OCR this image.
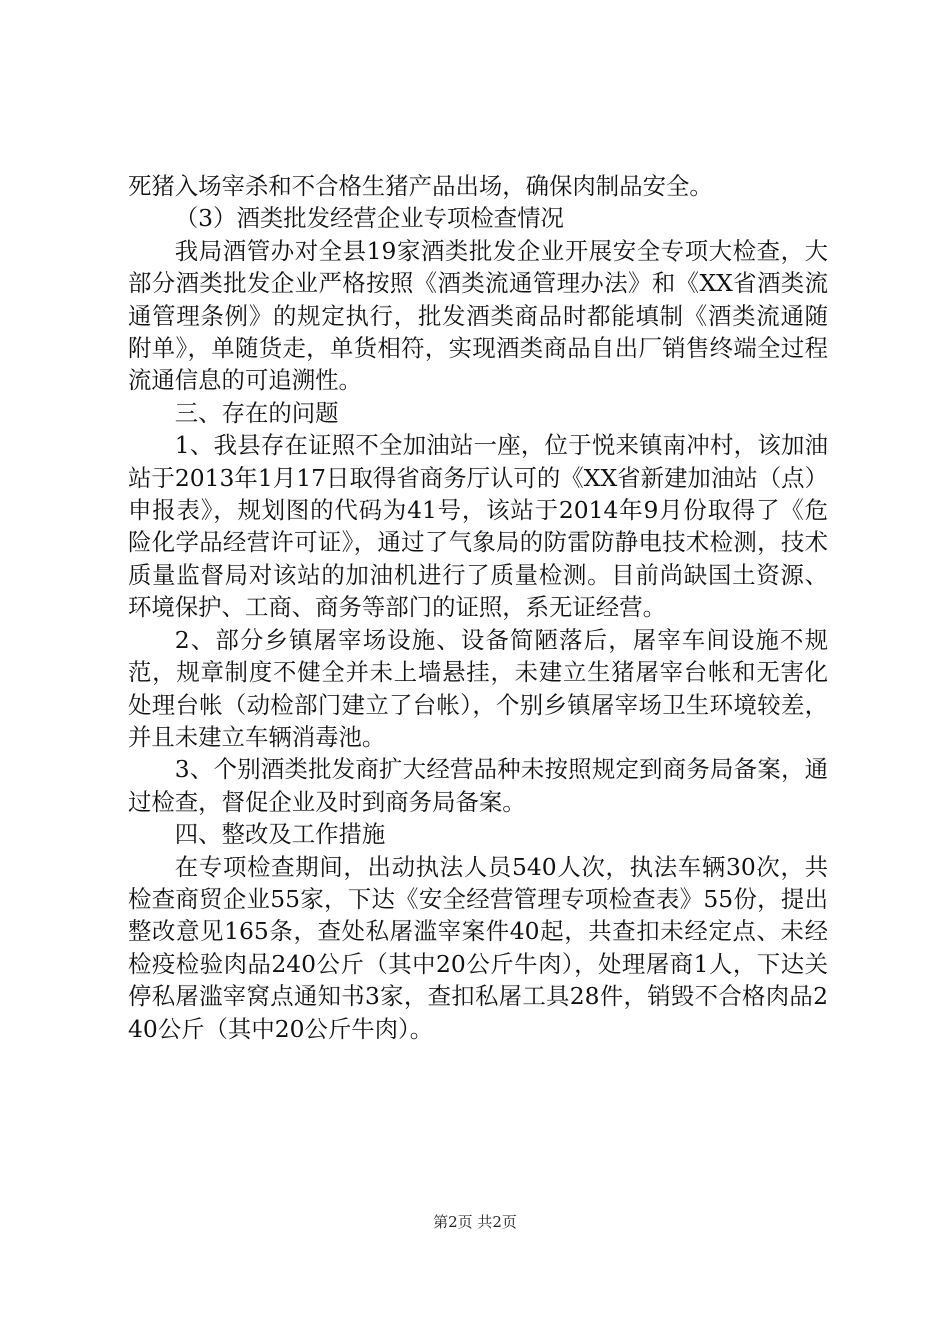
死猪入场宰杀和不合格生猪产品出场，确保肉制品安全。

（3）酒类批发经营企业专项检查情况

我局酒管办对全县19家酒类批发企业开展安全专项大检查，大部分酒类批发企业严格按照《酒类流通管理办法》和《XX省酒类流通管理条例》的规定执行，批发酒类商品时都能填制《酒类流通随附单》，单随货走，单货相符，实现酒类商品自出厂销售终端全过程流通信息的可追溯性。

三、存在的问题

1、我县存在证照不全加油站一座，位于悦来镇南冲村，该加油站于2013年1月17日取得省商务厅认可的《XX省新建加油站（点）申报表》，规划图的代码为41号，该站于2014年9月份取得了《危险化学品经营许可证》，通过了气象局的防雷防静电技术检测，技术质量监督局对该站的加油机进行了质量检测。目前尚缺国土资源、环境保护、工商、商务等部门的证照，系无证经营。

2、部分乡镇屠宰场设施、设备简陋落后，屠宰车间设施不规范，规章制度不健全并未上墙悬挂，未建立生猪屠宰台帐和无害化处理台帐（动检部门建立了台帐），个别乡镇屠宰场卫生环境较差，并且未建立车辆消毒池。

3、个别酒类批发商扩大经营品种未按照规定到商务局备案，通过检查，督促企业及时到商务局备案。

四、整改及工作措施

在专项检查期间，出动执法人员540人次，执法车辆30次，共检查商贸企业55家，下达《安全经营管理专项检查表》55份，提出整改意见165条，查处私屠滥宰案件40起，共查扣未经定点、未经检疫检验肉品240公斤（其中20公斤牛肉），处理屠商1人，下达关停私屠滥宰窝点通知书3家，查扣私屠工具28件，销毁不合格肉品240公斤（其中20公斤牛肉）。

第2页 共2页
